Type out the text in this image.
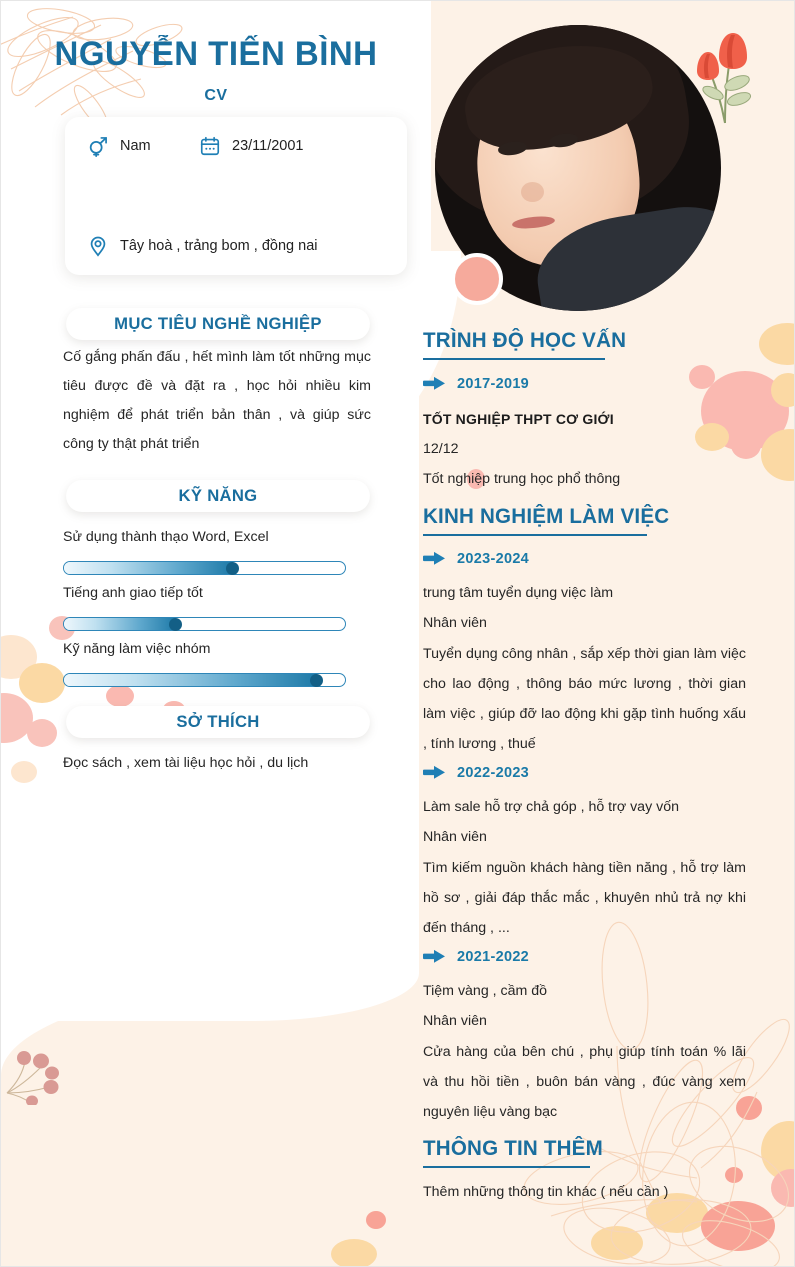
NGUYỄN TIẾN BÌNH
CV
Nam	23/11/2001
Tây hoà , trảng bom , đồng nai
MỤC TIÊU NGHỀ NGHIỆP
Cố gắng phấn đấu , hết mình làm tốt những mục tiêu được đề và đặt ra , học hỏi nhiều kim nghiệm để phát triển bản thân , và giúp sức công ty thật phát triển
KỸ NĂNG
Sử dụng thành thạo Word, Excel
Tiếng anh giao tiếp tốt
Kỹ năng làm việc nhóm
SỞ THÍCH
Đọc sách , xem tài liệu học hỏi , du lịch
TRÌNH ĐỘ HỌC VẤN
2017-2019
TỐT NGHIỆP THPT CƠ GIỚI
12/12
Tốt nghiệp trung học phổ thông
KINH NGHIỆM LÀM VIỆC
2023-2024
trung tâm tuyển dụng việc làm
Nhân viên
Tuyển dụng công nhân , sắp xếp thời gian làm việc cho lao động , thông báo mức lương , thời gian làm việc , giúp đỡ lao động khi gặp tình huống xấu , tính lương , thuế
2022-2023
Làm sale hỗ trợ chả góp , hỗ trợ vay vốn
Nhân viên
Tìm kiếm nguồn khách hàng tiền năng , hỗ trợ làm hồ sơ , giải đáp thắc mắc , khuyên nhủ trả nợ khi đến tháng , ...
2021-2022
Tiệm vàng , cầm đồ
Nhân viên
Cửa hàng của bên chú , phụ giúp tính toán % lãi và thu hồi tiền , buôn bán vàng , đúc vàng xem nguyên liệu vàng bạc
THÔNG TIN THÊM
Thêm những thông tin khác ( nếu cần )
